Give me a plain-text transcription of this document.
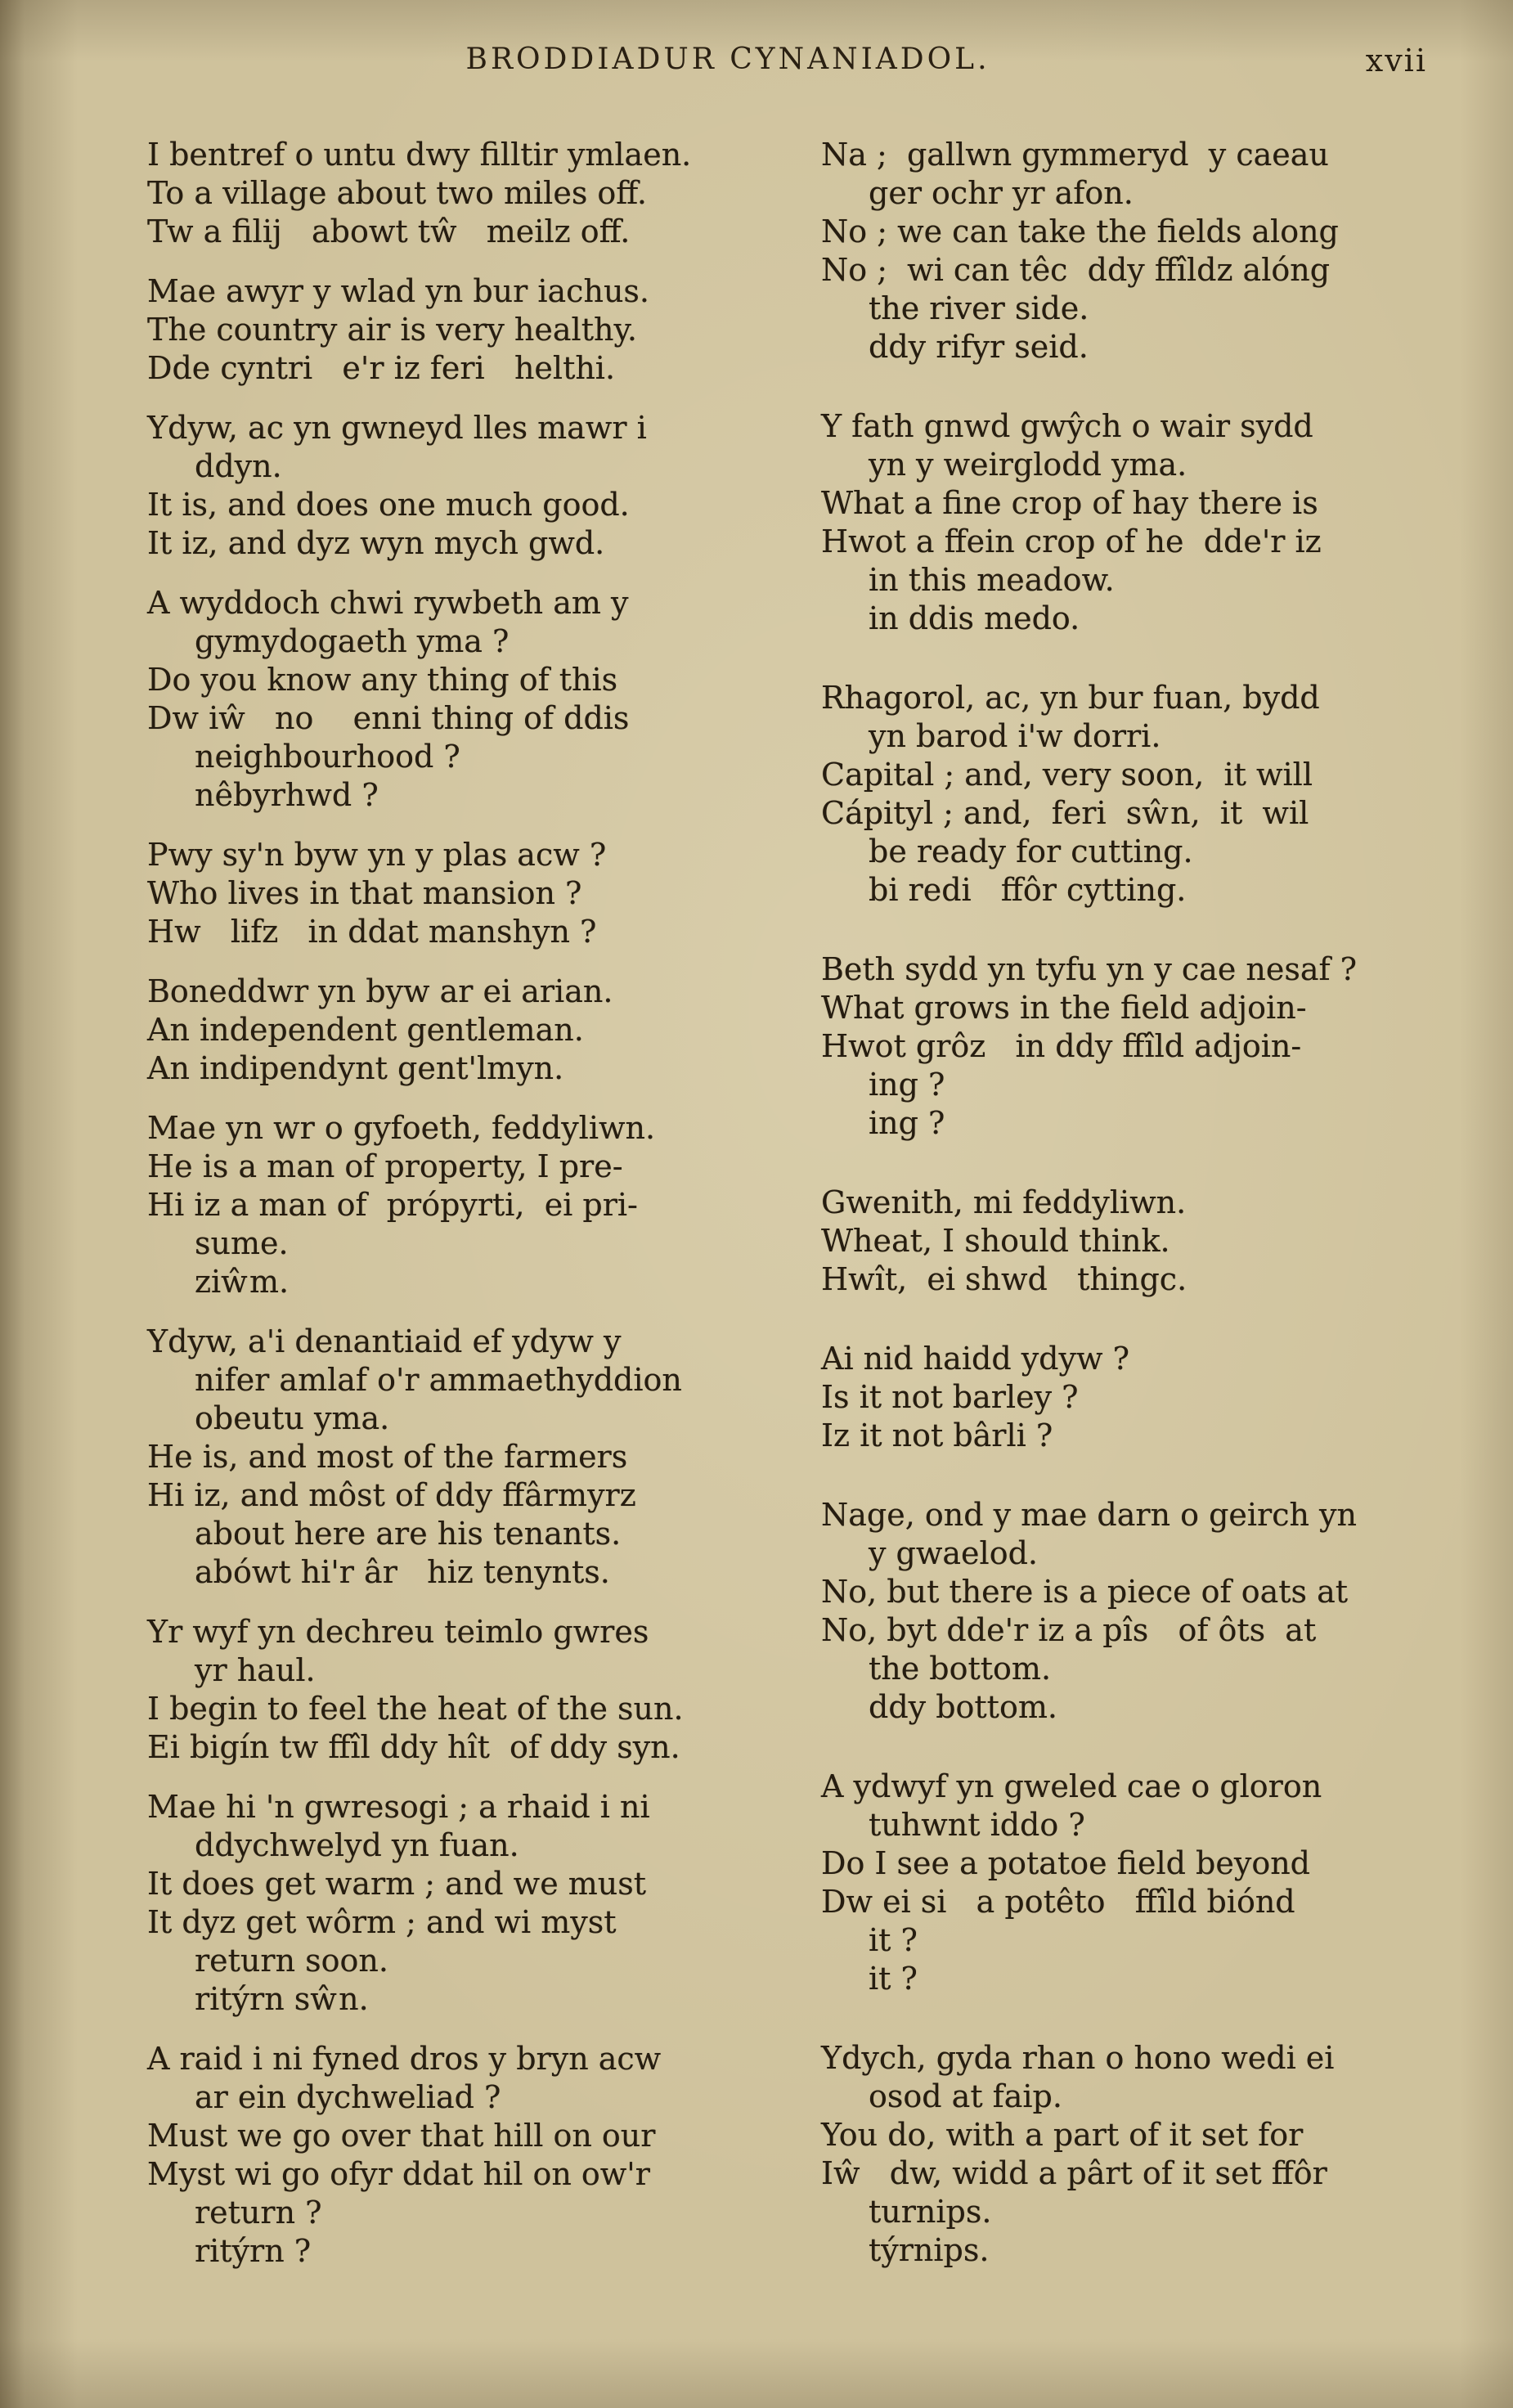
BRODDIADUR CYNANIADOL.	xvii
I bentref o untu dwy filltir ymlaen.
To a village about two miles off.
Tw a filij   abowt tŵ   meilz off.
Mae awyr y wlad yn bur iachus.
The country air is very healthy.
Dde cyntri   e'r iz feri   helthi.
Ydyw, ac yn gwneyd lles mawr i
ddyn.
It is, and does one much good.
It iz, and dyz wyn mych gwd.
A wyddoch chwi rywbeth am y
gymydogaeth yma ?
Do you know any thing of this
Dw iŵ   no    enni thing of ddis
neighbourhood ?
nêbyrhwd ?
Pwy sy'n byw yn y plas acw ?
Who lives in that mansion ?
Hw   lifz   in ddat manshyn ?
Boneddwr yn byw ar ei arian.
An independent gentleman.
An indipendynt gent'lmyn.
Mae yn wr o gyfoeth, feddyliwn.
He is a man of property, I pre-
Hi iz a man of  própyrti,  ei pri-
sume.
ziŵm.
Ydyw, a'i denantiaid ef ydyw y
nifer amlaf o'r ammaethyddion
obeutu yma.
He is, and most of the farmers
Hi iz, and môst of ddy ffârmyrz
about here are his tenants.
abówt hi'r âr   hiz tenynts.
Yr wyf yn dechreu teimlo gwres
yr haul.
I begin to feel the heat of the sun.
Ei bigín tw ffîl ddy hît  of ddy syn.
Mae hi 'n gwresogi ; a rhaid i ni
ddychwelyd yn fuan.
It does get warm ; and we must
It dyz get wôrm ; and wi myst
return soon.
ritýrn sŵn.
A raid i ni fyned dros y bryn acw
ar ein dychweliad ?
Must we go over that hill on our
Myst wi go ofyr ddat hil on ow'r
return ?
ritýrn ?
Na ;  gallwn gymmeryd  y caeau
ger ochr yr afon.
No ; we can take the fields along
No ;  wi can têc  ddy ffîldz alóng
the river side.
ddy rifyr seid.
Y fath gnwd gwŷch o wair sydd
yn y weirglodd yma.
What a fine crop of hay there is
Hwot a ffein crop of he  dde'r iz
in this meadow.
in ddis medo.
Rhagorol, ac, yn bur fuan, bydd
yn barod i'w dorri.
Capital ; and, very soon,  it will
Cápityl ; and,  feri  sŵn,  it  wil
be ready for cutting.
bi redi   ffôr cytting.
Beth sydd yn tyfu yn y cae nesaf ?
What grows in the field adjoin-
Hwot grôz   in ddy ffîld adjoin-
ing ?
ing ?
Gwenith, mi feddyliwn.
Wheat, I should think.
Hwît,  ei shwd   thingc.
Ai nid haidd ydyw ?
Is it not barley ?
Iz it not bârli ?
Nage, ond y mae darn o geirch yn
y gwaelod.
No, but there is a piece of oats at
No, byt dde'r iz a pîs   of ôts  at
the bottom.
ddy bottom.
A ydwyf yn gweled cae o gloron
tuhwnt iddo ?
Do I see a potatoe field beyond
Dw ei si   a potêto   ffîld biónd
it ?
it ?
Ydych, gyda rhan o hono wedi ei
osod at faip.
You do, with a part of it set for
Iŵ   dw, widd a pârt of it set ffôr
turnips.
týrnips.
